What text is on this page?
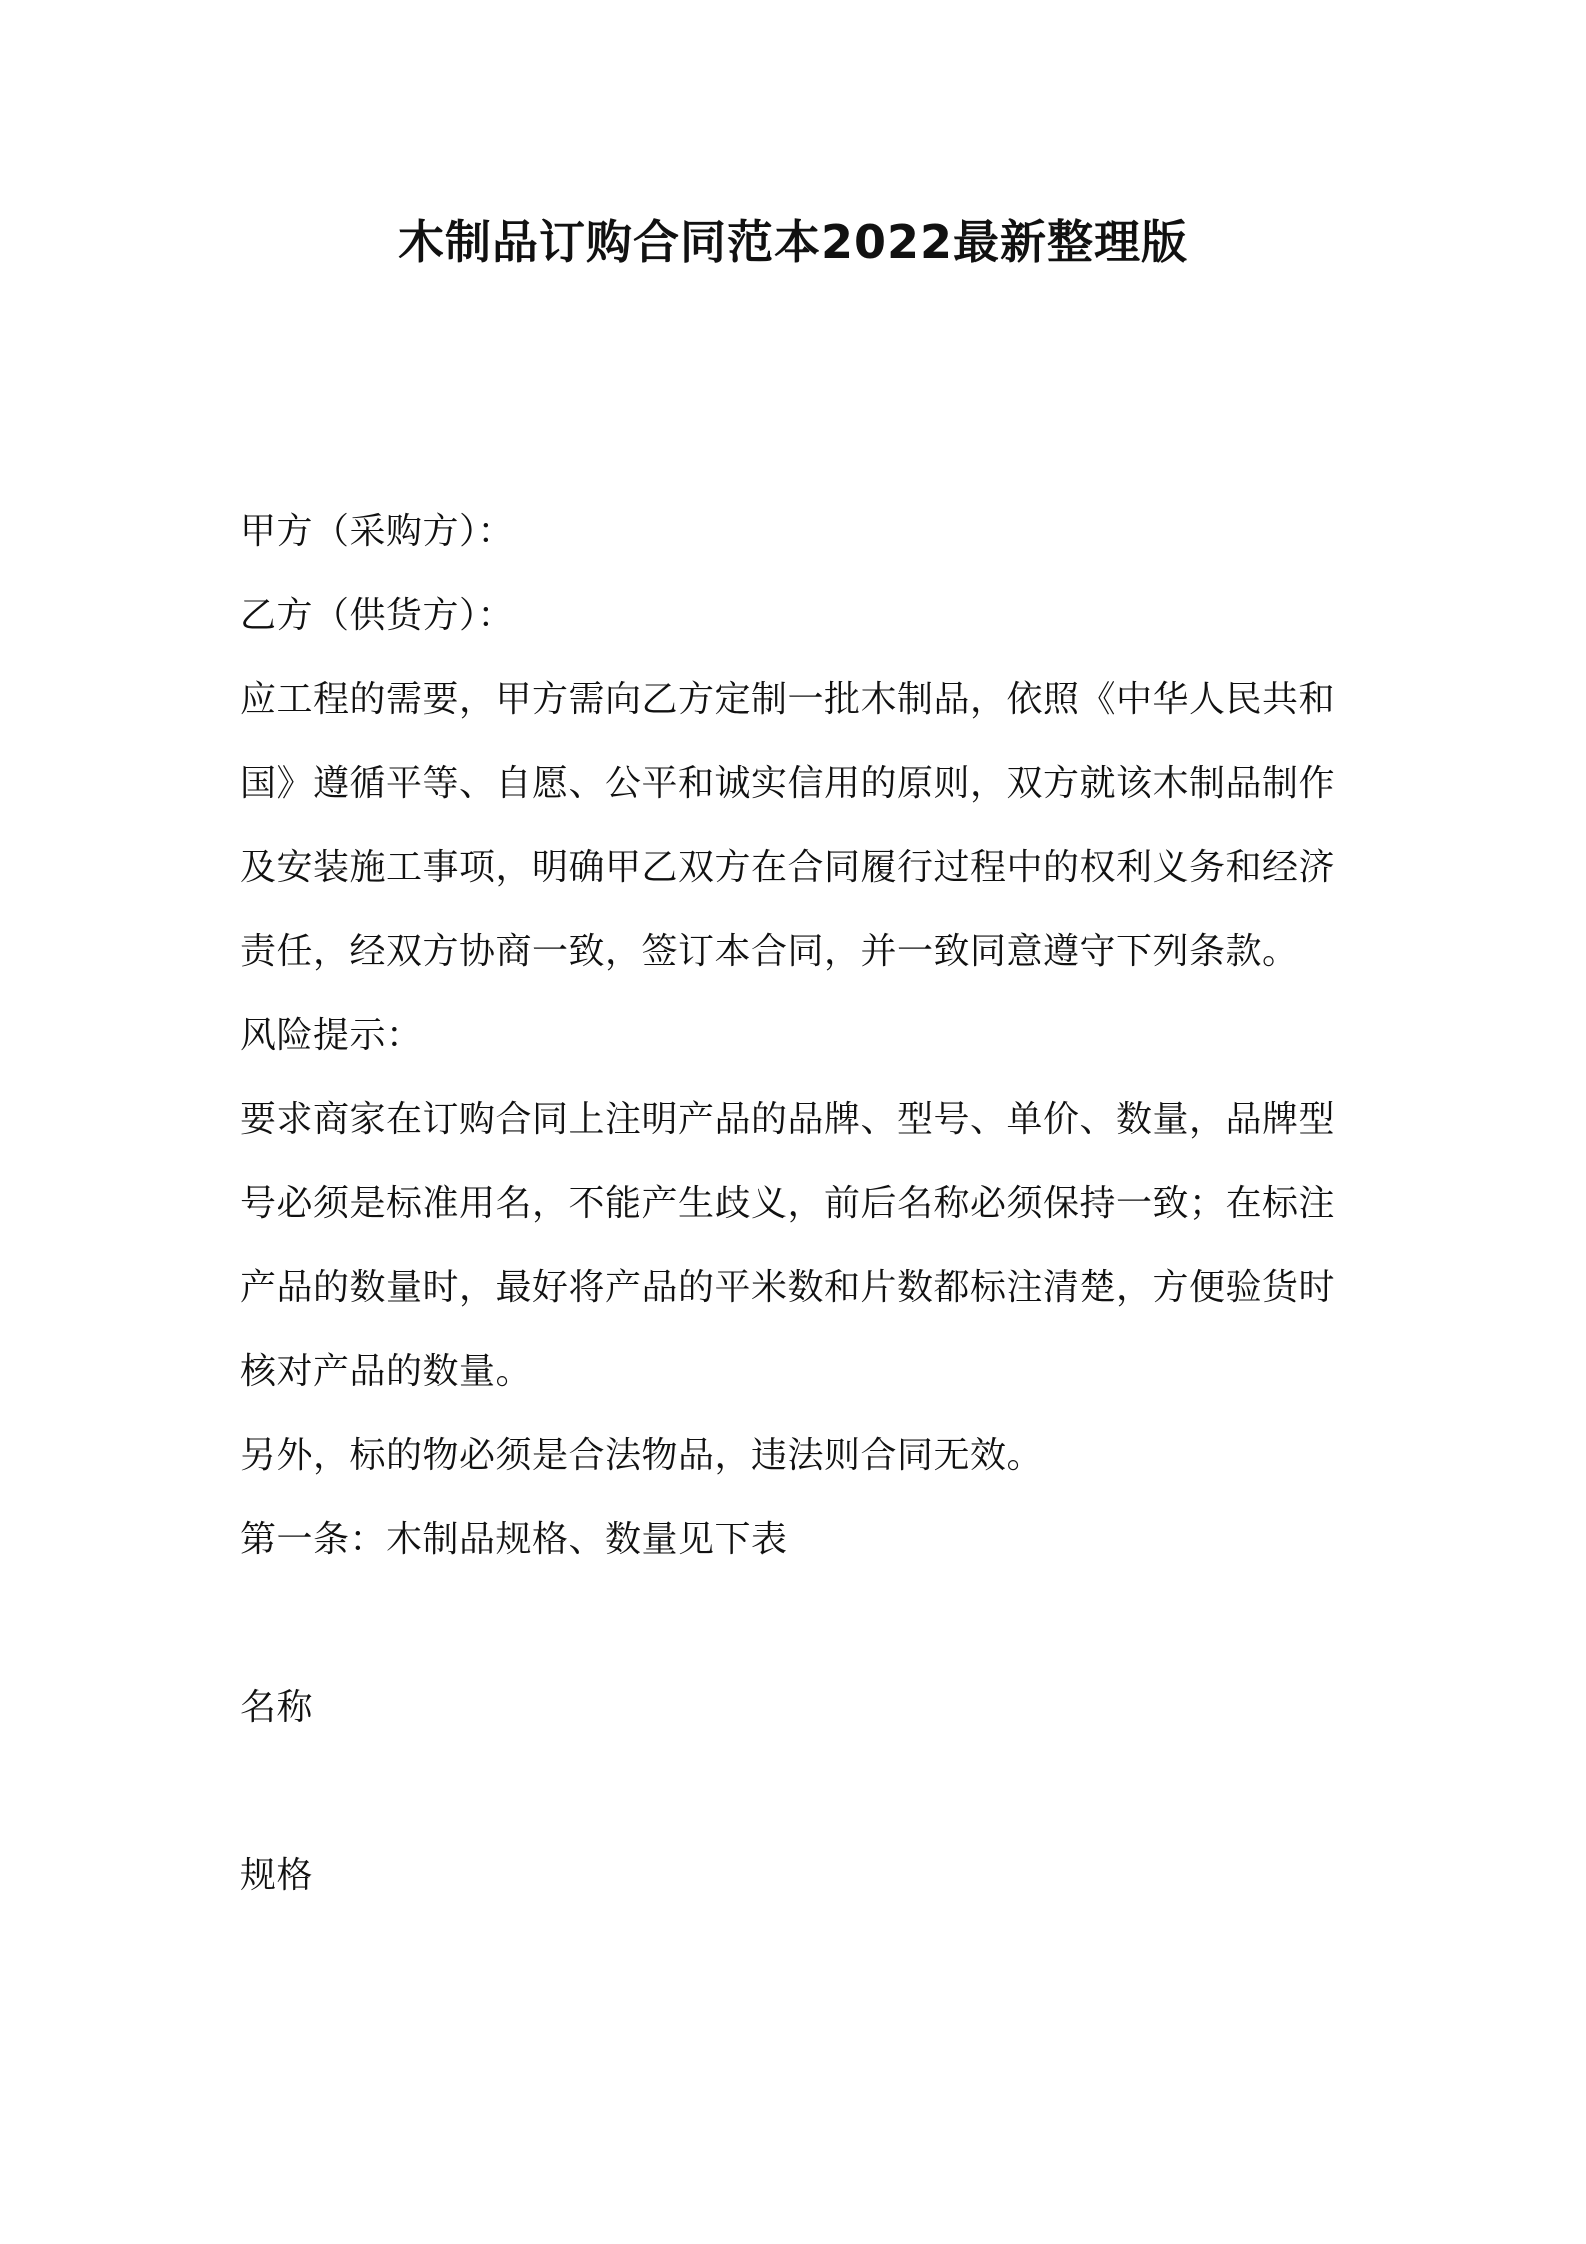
木制品订购合同范本2022最新整理版

甲方（采购方）：

乙方（供货方）：

应工程的需要，甲方需向乙方定制一批木制品，依照《中华人民共和

国》遵循平等、自愿、公平和诚实信用的原则，双方就该木制品制作

及安装施工事项，明确甲乙双方在合同履行过程中的权利义务和经济

责任，经双方协商一致，签订本合同，并一致同意遵守下列条款。

风险提示：

要求商家在订购合同上注明产品的品牌、型号、单价、数量，品牌型

号必须是标准用名，不能产生歧义，前后名称必须保持一致；在标注

产品的数量时，最好将产品的平米数和片数都标注清楚，方便验货时

核对产品的数量。

另外，标的物必须是合法物品，违法则合同无效。

第一条：木制品规格、数量见下表

名称

规格
